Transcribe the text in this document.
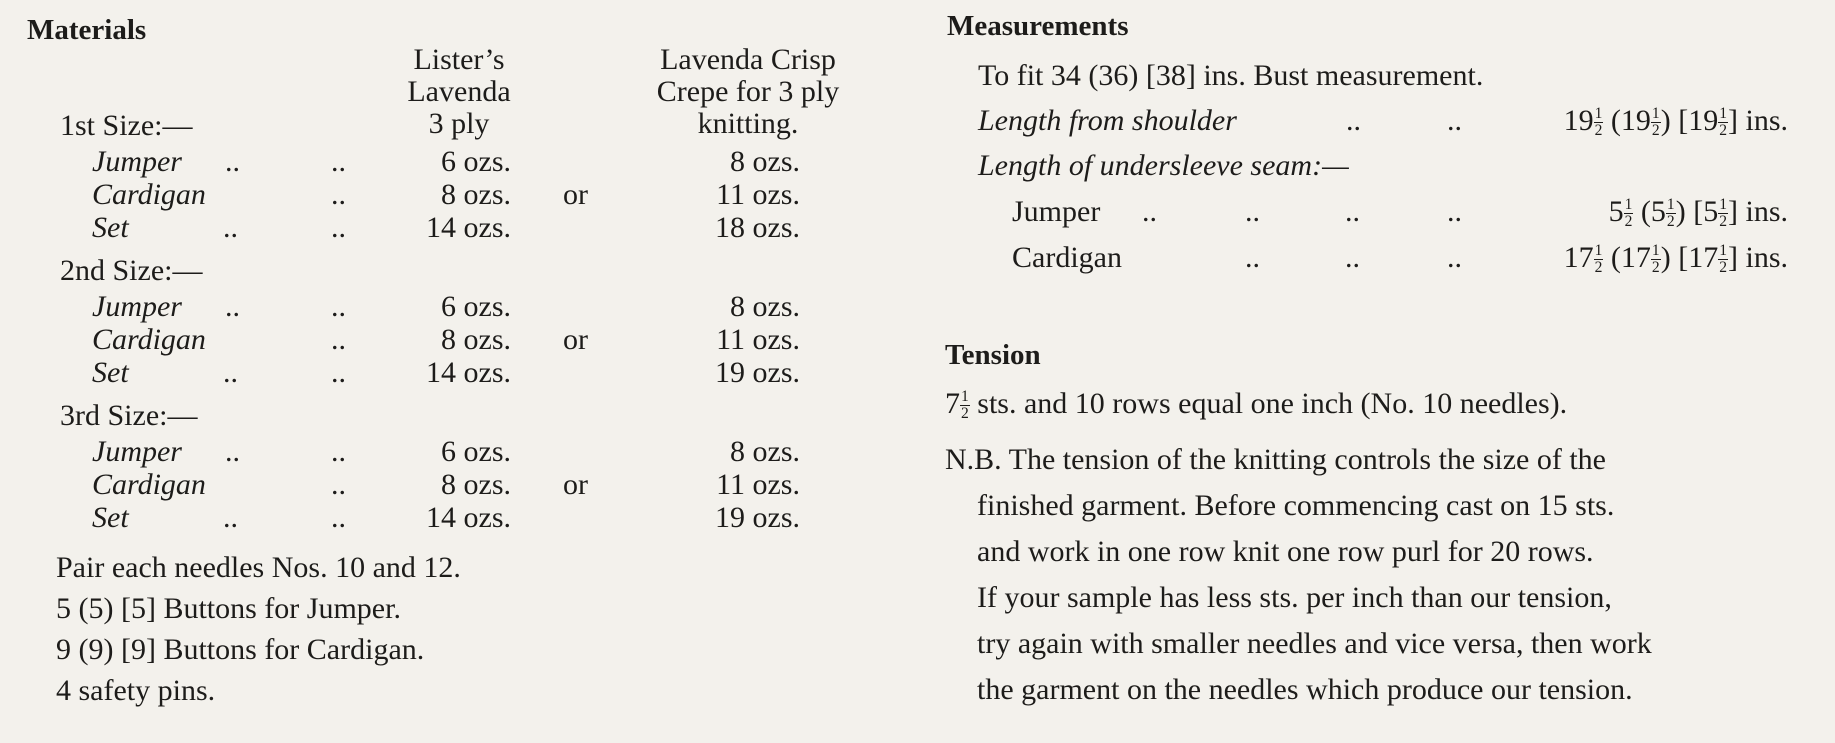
Materials
Lister’s
Lavenda
3 ply
Lavenda Crisp
Crepe for 3 ply
knitting.
1st Size:—
Jumper ..	..	6 ozs.	8 ozs.
Cardigan	..	8 ozs. or	11 ozs.
Set	..	..	14 ozs.	18 ozs.
2nd Size:—
Jumper ..	..	6 ozs.	8 ozs.
Cardigan	..	8 ozs. or	11 ozs.
Set	..	..	14 ozs.	19 ozs.
3rd Size:—
Jumper ..	..	6 ozs.	8 ozs.
Cardigan	..	8 ozs. or	11 ozs.
Set	..	..	14 ozs.	19 ozs.
Pair each needles Nos. 10 and 12.
5 (5) [5] Buttons for Jumper.
9 (9) [9] Buttons for Cardigan.
4 safety pins.
Measurements
To fit 34 (36) [38] ins. Bust measurement.
Length from shoulder	..	..	$19 \frac{1}{2} (19 \frac{1}{2}$ ) [$19 \frac{1}{2}$ ] ins.
Length of undersleeve seam:—
Jumper ..	..	..	..	$5 \frac{1}{2} (5 \frac{1}{2}$ ) [$5 \frac{1}{2}$ ] ins.
Cardigan	..	..	..	$17 \frac{1}{2} (17 \frac{1}{2}$ ) [$17 \frac{1}{2}$ ] ins.
Tension
$7 \frac{1}{2}$ sts. and 10 rows equal one inch (No. 10 needles).
N.B. The tension of the knitting controls the size of the
finished garment. Before commencing cast on 15 sts.
and work in one row knit one row purl for 20 rows.
If your sample has less sts. per inch than our tension,
try again with smaller needles and vice versa, then work
the garment on the needles which produce our tension.
